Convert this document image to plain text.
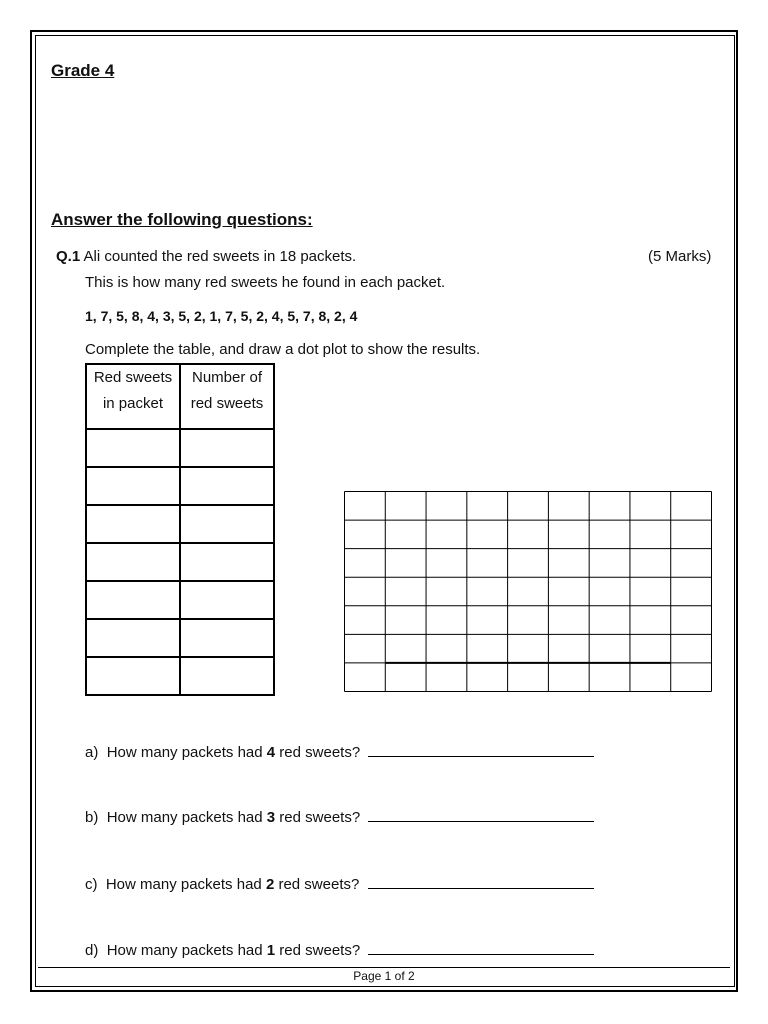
Grade 4
Answer the following questions:
Q.1 Ali counted the red sweets in 18 packets.	(5 Marks)
This is how many red sweets he found in each packet.
1, 7, 5, 8, 4, 3, 5, 2, 1, 7, 5, 2, 4, 5, 7, 8, 2, 4
Complete the table, and draw a dot plot to show the results.
Red sweets
in packet	Number of
red sweets

a) How many packets had 4 red sweets?
b) How many packets had 3 red sweets?
c) How many packets had 2 red sweets?
d) How many packets had 1 red sweets?
Page 1 of 2
